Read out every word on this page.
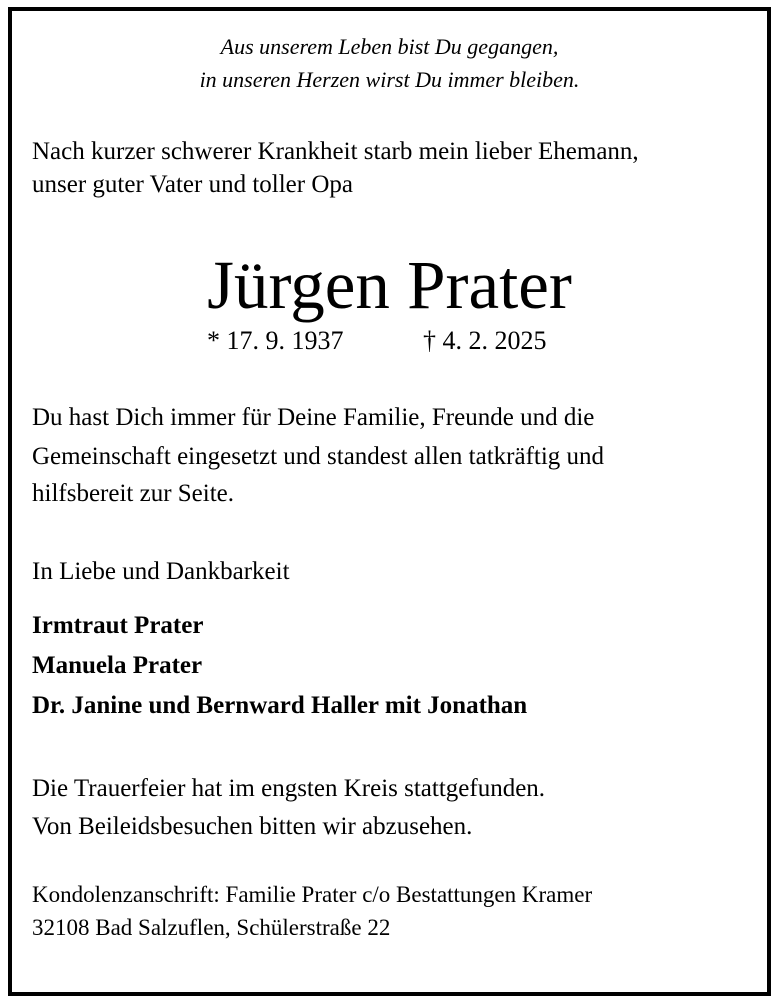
Aus unserem Leben bist Du gegangen,

in unseren Herzen wirst Du immer bleiben.

Nach kurzer schwerer Krankheit starb mein lieber Ehemann,

unser guter Vater und toller Opa

Jürgen Prater

* 17. 9. 1937	† 4. 2. 2025

Du hast Dich immer für Deine Familie, Freunde und die

Gemeinschaft eingesetzt und standest allen tatkräftig und

hilfsbereit zur Seite.

In Liebe und Dankbarkeit

Irmtraut Prater

Manuela Prater

Dr. Janine und Bernward Haller mit Jonathan

Die Trauerfeier hat im engsten Kreis stattgefunden.

Von Beileidsbesuchen bitten wir abzusehen.

Kondolenzanschrift: Familie Prater c/o Bestattungen Kramer

32108 Bad Salzuflen, Schülerstraße 22
